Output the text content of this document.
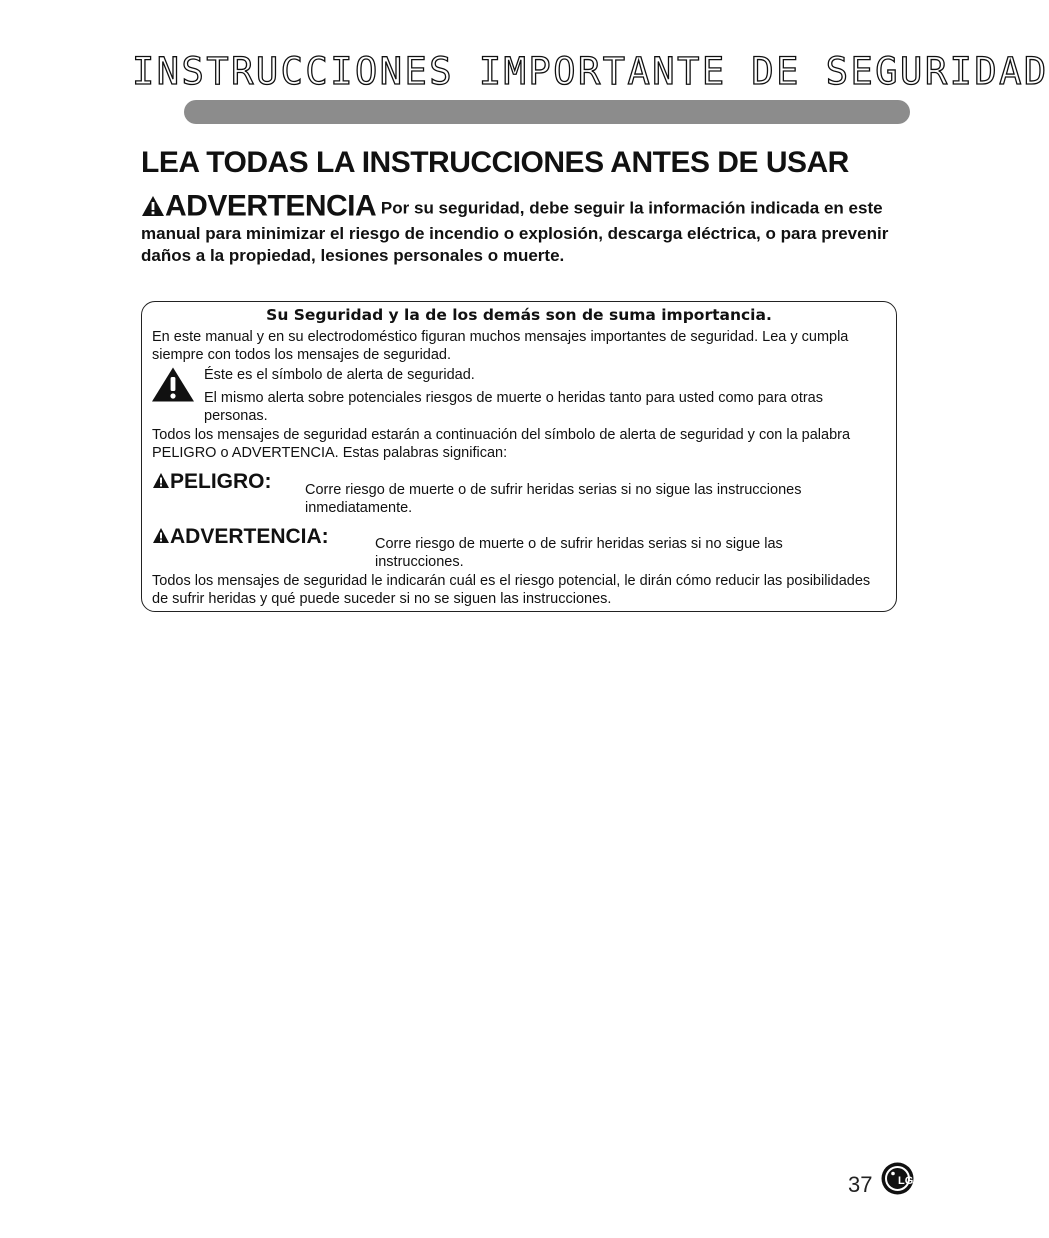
INSTRUCCIONES IMPORTANTE DE SEGURIDAD
LEA TODAS LA INSTRUCCIONES ANTES DE USAR
ADVERTENCIA Por su seguridad, debe seguir la información indicada en este manual para minimizar el riesgo de incendio o explosión, descarga eléctrica, o para prevenir daños a la propiedad, lesiones personales o muerte.
Su Seguridad y la de los demás son de suma importancia.

En este manual y en su electrodoméstico figuran muchos mensajes importantes de seguridad. Lea y cumpla siempre con todos los mensajes de seguridad.

Éste es el símbolo de alerta de seguridad.

El mismo alerta sobre potenciales riesgos de muerte o heridas tanto para usted como para otras personas.

Todos los mensajes de seguridad estarán a continuación del símbolo de alerta de seguridad y con la palabra PELIGRO o ADVERTENCIA. Estas palabras significan:

PELIGRO: Corre riesgo de muerte o de sufrir heridas serias si no sigue las instrucciones inmediatamente.

ADVERTENCIA:	Corre riesgo de muerte o de sufrir heridas serias si no sigue las instrucciones.

Todos los mensajes de seguridad le indicarán cuál es el riesgo potencial, le dirán cómo reducir las posibilidades de sufrir heridas y qué puede suceder si no se siguen las instrucciones.

37 LG
